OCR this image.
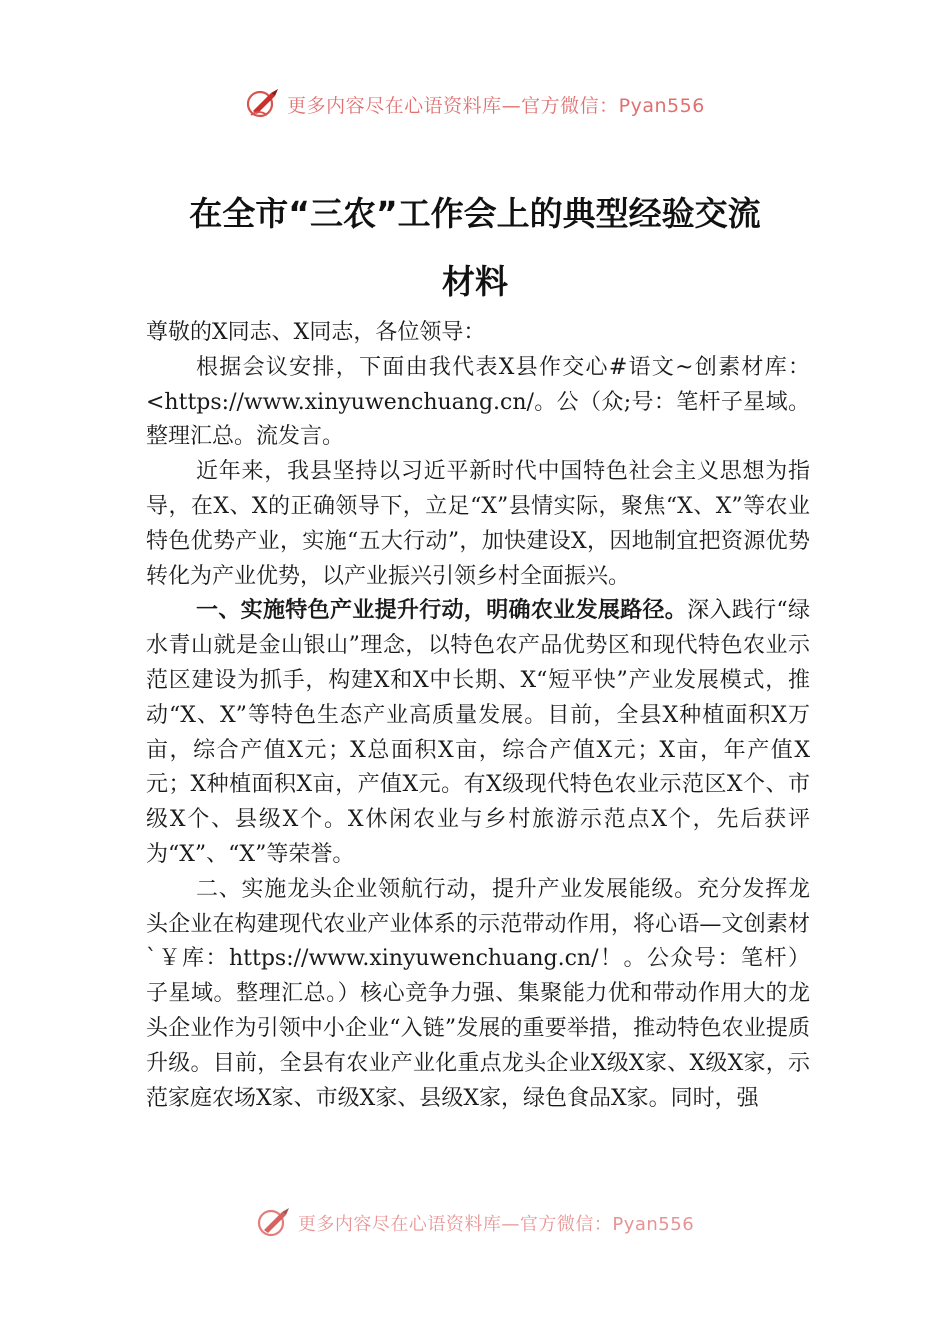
更多内容尽在心语资料库—官方微信：Pyan556
在全市“三农”工作会上的典型经验交流
材料

尊敬的X同志、X同志，各位领导：

根据会议安排，下面由我代表X县作交心#语文~创素材库：<https://www.xinyuwenchuang.cn/。公（众;号：笔杆子星域。整理汇总。流发言。

近年来，我县坚持以习近平新时代中国特色社会主义思想为指导，在X、X的正确领导下，立足“X”县情实际，聚焦“X、X”等农业特色优势产业，实施“五大行动”，加快建设X，因地制宜把资源优势转化为产业优势，以产业振兴引领乡村全面振兴。

一、实施特色产业提升行动，明确农业发展路径。深入践行“绿水青山就是金山银山”理念，以特色农产品优势区和现代特色农业示范区建设为抓手，构建X和X中长期、X“短平快”产业发展模式，推动“X、X”等特色生态产业高质量发展。目前，全县X种植面积X万亩，综合产值X元；X总面积X亩，综合产值X元；X亩，年产值X元；X种植面积X亩，产值X元。有X级现代特色农业示范区X个、市级X个、县级X个。X休闲农业与乡村旅游示范点X个，先后获评为“X”、“X”等荣誉。

二、实施龙头企业领航行动，提升产业发展能级。充分发挥龙头企业在构建现代农业产业体系的示范带动作用，将心语—文创素材`￥库：https://www.xinyuwenchuang.cn/！。公众号：笔杆）子星域。整理汇总。）核心竞争力强、集聚能力优和带动作用大的龙头企业作为引领中小企业“入链”发展的重要举措，推动特色农业提质升级。目前，全县有农业产业化重点龙头企业X级X家、X级X家，示范家庭农场X家、市级X家、县级X家，绿色食品X家。同时，强

更多内容尽在心语资料库—官方微信：Pyan556
